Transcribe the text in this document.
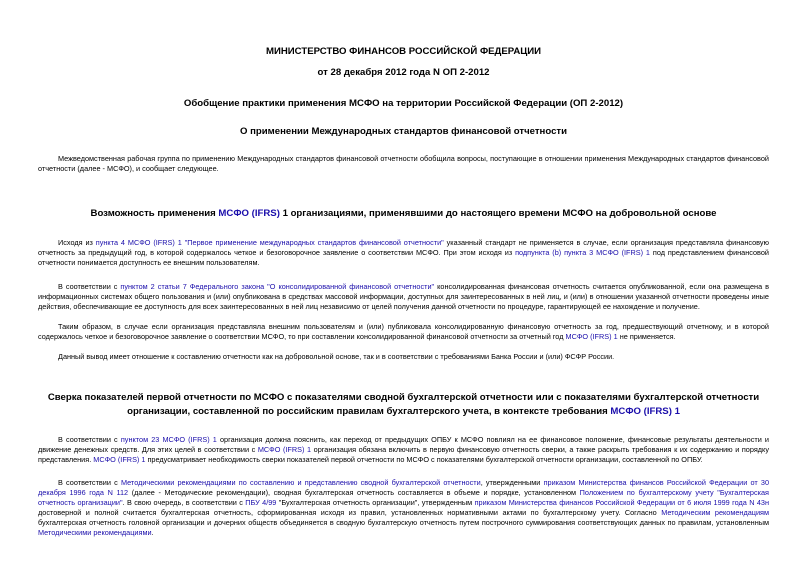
МИНИСТЕРСТВО ФИНАНСОВ РОССИЙСКОЙ ФЕДЕРАЦИИ
от 28 декабря 2012 года N ОП 2-2012
Обобщение практики применения МСФО на территории Российской Федерации (ОП 2-2012)
О применении Международных стандартов финансовой отчетности

Межведомственная рабочая группа по применению Международных стандартов финансовой отчетности обобщила вопросы, поступающие в отношении применения Международных стандартов финансовой отчетности (далее - МСФО), и сообщает следующее.

Возможность применения МСФО (IFRS) 1 организациями, применявшими до настоящего времени МСФО на добровольной основе

Исходя из пункта 4 МСФО (IFRS) 1 "Первое применение международных стандартов финансовой отчетности" указанный стандарт не применяется в случае, если организация представляла финансовую отчетность за предыдущий год, в которой содержалось четкое и безоговорочное заявление о соответствии МСФО. При этом исходя из подпункта (b) пункта 3 МСФО (IFRS) 1 под представлением финансовой отчетности понимается доступность ее внешним пользователям.

В соответствии с пунктом 2 статьи 7 Федерального закона "О консолидированной финансовой отчетности" консолидированная финансовая отчетность считается опубликованной, если она размещена в информационных системах общего пользования и (или) опубликована в средствах массовой информации, доступных для заинтересованных в ней лиц, и (или) в отношении указанной отчетности проведены иные действия, обеспечивающие ее доступность для всех заинтересованных в ней лиц независимо от целей получения данной отчетности по процедуре, гарантирующей ее нахождение и получение.

Таким образом, в случае если организация представляла внешним пользователям и (или) публиковала консолидированную финансовую отчетность за год, предшествующий отчетному, и в которой содержалось четкое и безоговорочное заявление о соответствии МСФО, то при составлении консолидированной финансовой отчетности за отчетный год МСФО (IFRS) 1 не применяется.

Данный вывод имеет отношение к составлению отчетности как на добровольной основе, так и в соответствии с требованиями Банка России и (или) ФСФР России.

Сверка показателей первой отчетности по МСФО с показателями сводной бухгалтерской отчетности или с показателями бухгалтерской отчетности организации, составленной по российским правилам бухгалтерского учета, в контексте требования МСФО (IFRS) 1

В соответствии с пунктом 23 МСФО (IFRS) 1 организация должна пояснить, как переход от предыдущих ОПБУ к МСФО повлиял на ее финансовое положение, финансовые результаты деятельности и движение денежных средств. Для этих целей в соответствии с МСФО (IFRS) 1 организация обязана включить в первую финансовую отчетность сверки, а также раскрыть требования к их содержанию и порядку представления. МСФО (IFRS) 1 предусматривает необходимость сверки показателей первой отчетности по МСФО с показателями бухгалтерской отчетности организации, составленной по ОПБУ.

В соответствии с Методическими рекомендациями по составлению и представлению сводной бухгалтерской отчетности, утвержденными приказом Министерства финансов Российской Федерации от 30 декабря 1996 года N 112 (далее - Методические рекомендации), сводная бухгалтерская отчетность составляется в объеме и порядке, установленном Положением по бухгалтерскому учету "Бухгалтерская отчетность организации". В свою очередь, в соответствии с ПБУ 4/99 "Бухгалтерская отчетность организации", утвержденным приказом Министерства финансов Российской Федерации от 6 июля 1999 года N 43н достоверной и полной считается бухгалтерская отчетность, сформированная исходя из правил, установленных нормативными актами по бухгалтерскому учету. Согласно Методическим рекомендациям бухгалтерская отчетность головной организации и дочерних обществ объединяется в сводную бухгалтерскую отчетность путем построчного суммирования соответствующих данных по правилам, установленным Методическими рекомендациями.
